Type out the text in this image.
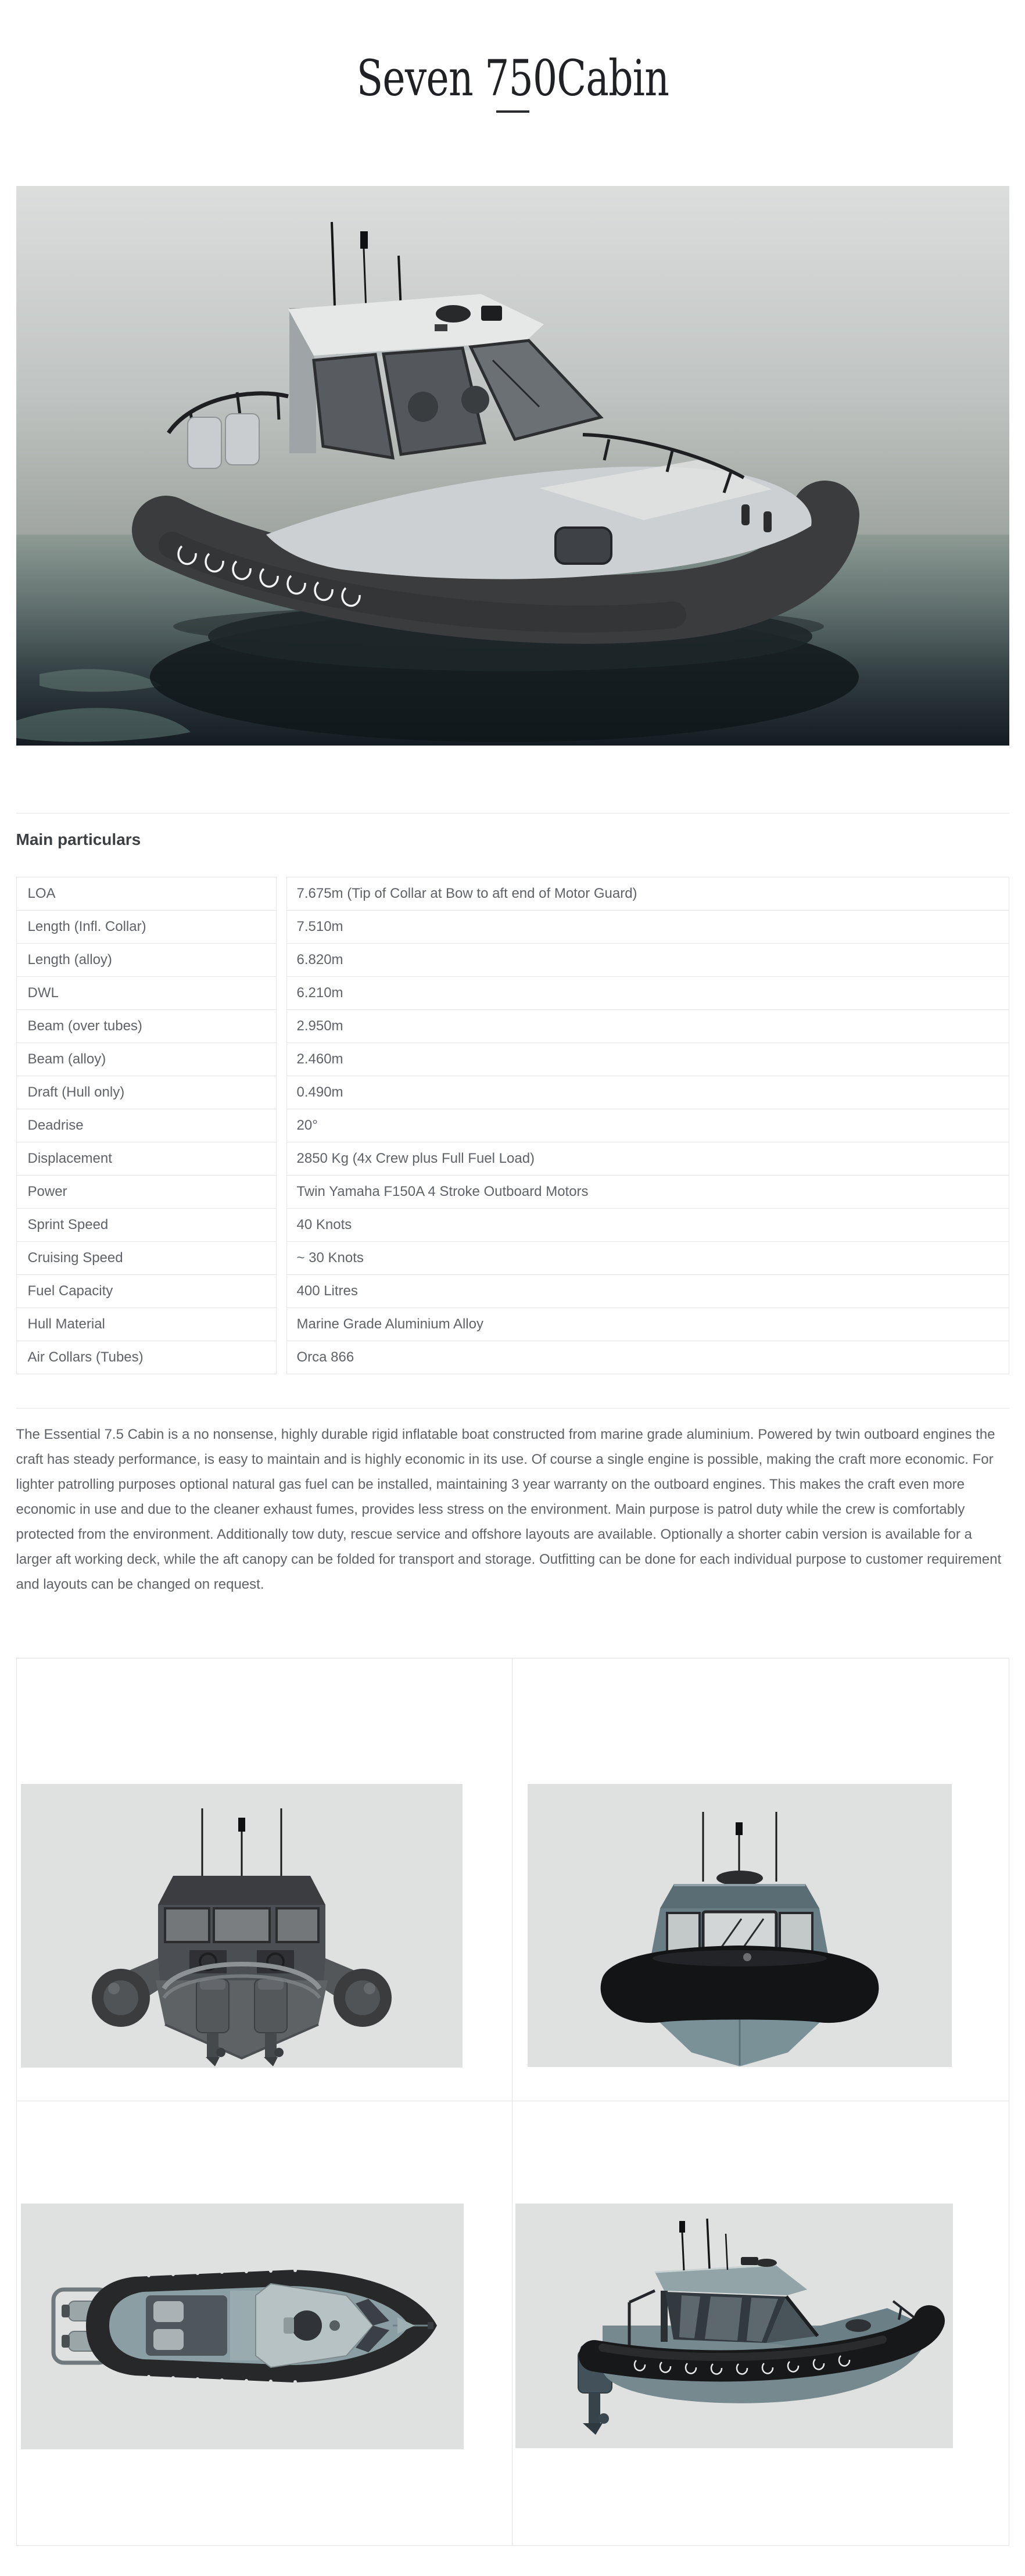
Seven 750Cabin
Main particulars
LOA	7.675m (Tip of Collar at Bow to aft end of Motor Guard)
Length (Infl. Collar)	7.510m
Length (alloy)	6.820m
DWL	6.210m
Beam (over tubes)	2.950m
Beam (alloy)	2.460m
Draft (Hull only)	0.490m
Deadrise	20°
Displacement	2850 Kg (4x Crew plus Full Fuel Load)
Power	Twin Yamaha F150A 4 Stroke Outboard Motors
Sprint Speed	40 Knots
Cruising Speed	~ 30 Knots
Fuel Capacity	400 Litres
Hull Material	Marine Grade Aluminium Alloy
Air Collars (Tubes)	Orca 866

The Essential 7.5 Cabin is a no nonsense, highly durable rigid inflatable boat constructed from marine grade aluminium. Powered by twin outboard engines the craft has steady performance, is easy to maintain and is highly economic in its use. Of course a single engine is possible, making the craft more economic. For lighter patrolling purposes optional natural gas fuel can be installed, maintaining 3 year warranty on the outboard engines. This makes the craft even more economic in use and due to the cleaner exhaust fumes, provides less stress on the environment. Main purpose is patrol duty while the crew is comfortably protected from the environment. Additionally tow duty, rescue service and offshore layouts are available. Optionally a shorter cabin version is available for a larger aft working deck, while the aft canopy can be folded for transport and storage. Outfitting can be done for each individual purpose to customer requirement and layouts can be changed on request.
